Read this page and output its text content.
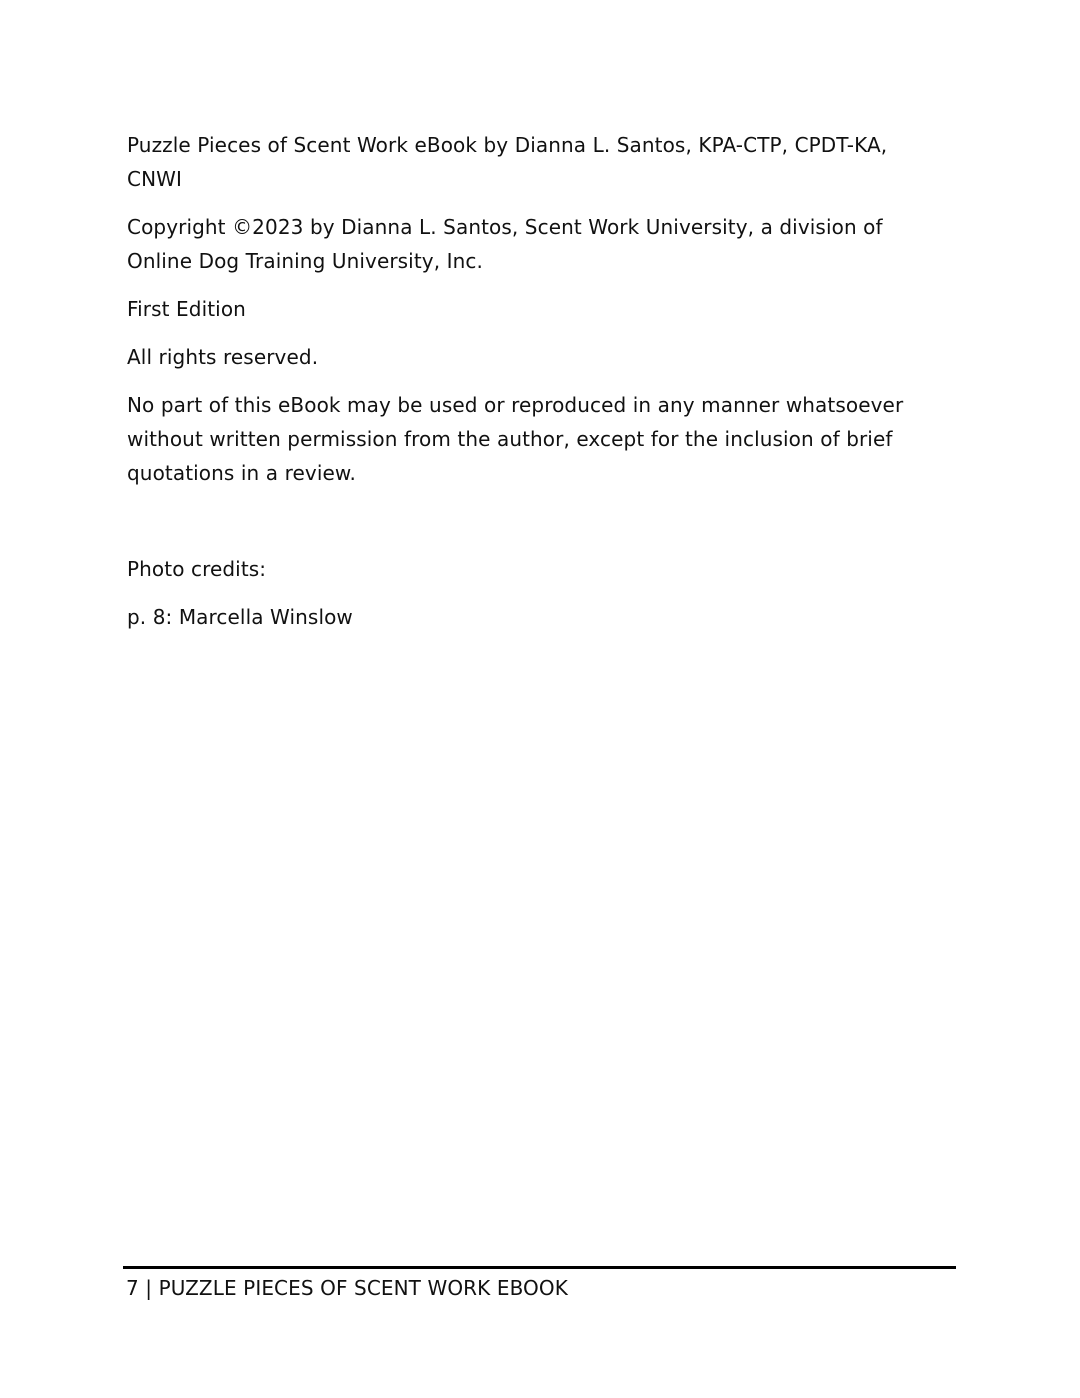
Puzzle Pieces of Scent Work eBook by Dianna L. Santos, KPA-CTP, CPDT-KA, CNWI

Copyright ©2023 by Dianna L. Santos, Scent Work University, a division of Online Dog Training University, Inc.

First Edition

All rights reserved.

No part of this eBook may be used or reproduced in any manner whatsoever without written permission from the author, except for the inclusion of brief quotations in a review.

Photo credits:

p. 8: Marcella Winslow

7 | PUZZLE PIECES OF SCENT WORK EBOOK
